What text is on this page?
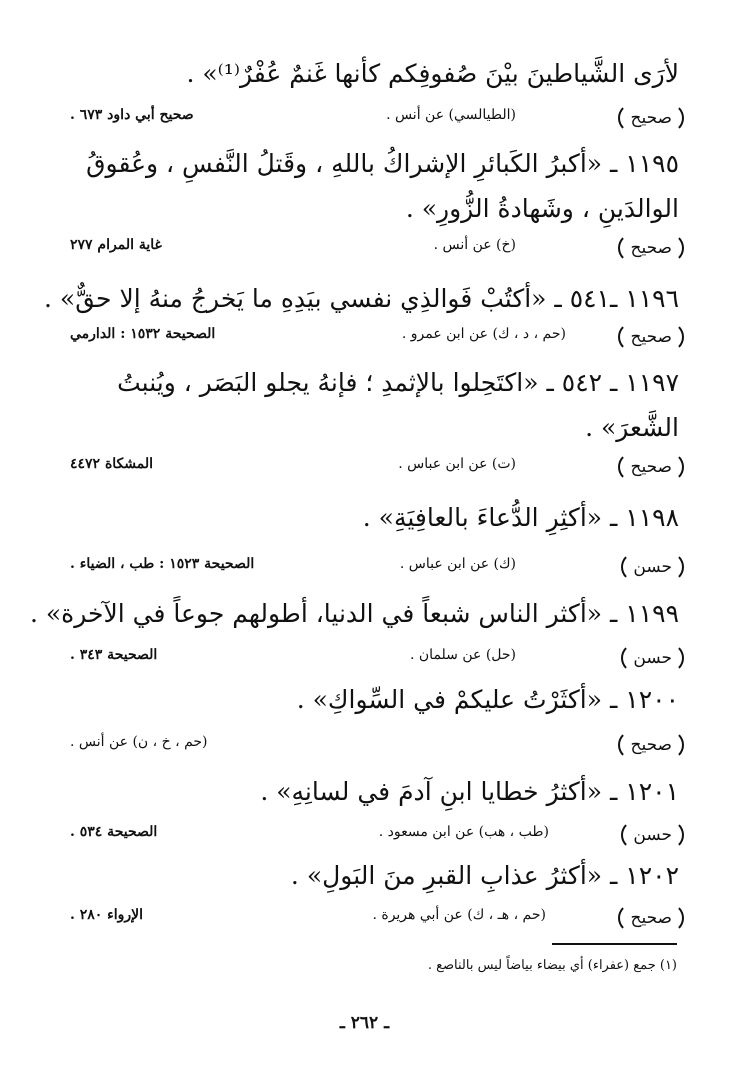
لأرَى الشَّياطينَ بيْنَ صُفوفِكم كأنها غَنمٌ عُفْرٌ⁽¹⁾» .
صحيح
(الطيالسي) عن أنس .
صحيح أبي داود ٦٧٣ .
١١٩٥ ـ «أكبرُ الكَبائرِ الإشراكُ باللهِ ، وقَتلُ النَّفسِ ، وعُقوقُ
الوالدَينِ ، وشَهادةُ الزُّورِ» .
صحيح
(خ) عن أنس .
غاية المرام ٢٧٧
١١٩٦ ـ٥٤١ ـ «أكتُبْ فَوالذِي نفسي بيَدِهِ ما يَخرجُ منهُ إلا حقٌّ» .
صحيح
(حم ، د ، ك) عن ابن عمرو .
الصحيحة ١٥٣٢ : الدارمي
١١٩٧ ـ ٥٤٢ ـ «اكتَحِلوا بالإثمدِ ؛ فإنهُ يجلو البَصَر ، ويُنبتُ
الشَّعرَ» .
صحيح
(ت) عن ابن عباس .
المشكاة ٤٤٧٢
١١٩٨ ـ «أكثِرِ الدُّعاءَ بالعافِيَةِ» .
حسن
(ك) عن ابن عباس .
الصحيحة ١٥٢٣ : طب ، الضياء .
١١٩٩ ـ «أكثر الناس شبعاً في الدنيا، أطولهم جوعاً في الآخرة» .
حسن
(حل) عن سلمان .
الصحيحة ٣٤٣ .
١٢٠٠ ـ «أكثَرْتُ عليكمْ في السِّواكِ» .
صحيح
(حم ، خ ، ن) عن أنس .
١٢٠١ ـ «أكثرُ خطايا ابنِ آدمَ في لسانِهِ» .
حسن
(طب ، هب) عن ابن مسعود .
الصحيحة ٥٣٤ .
١٢٠٢ ـ «أكثرُ عذابِ القبرِ منَ البَولِ» .
صحيح
(حم ، هـ ، ك) عن أبي هريرة .
الإرواء ٢٨٠ .
(١) جمع (عفراء) أي بيضاء بياضاً ليس بالناصع .
ـ ٢٦٢ ـ
